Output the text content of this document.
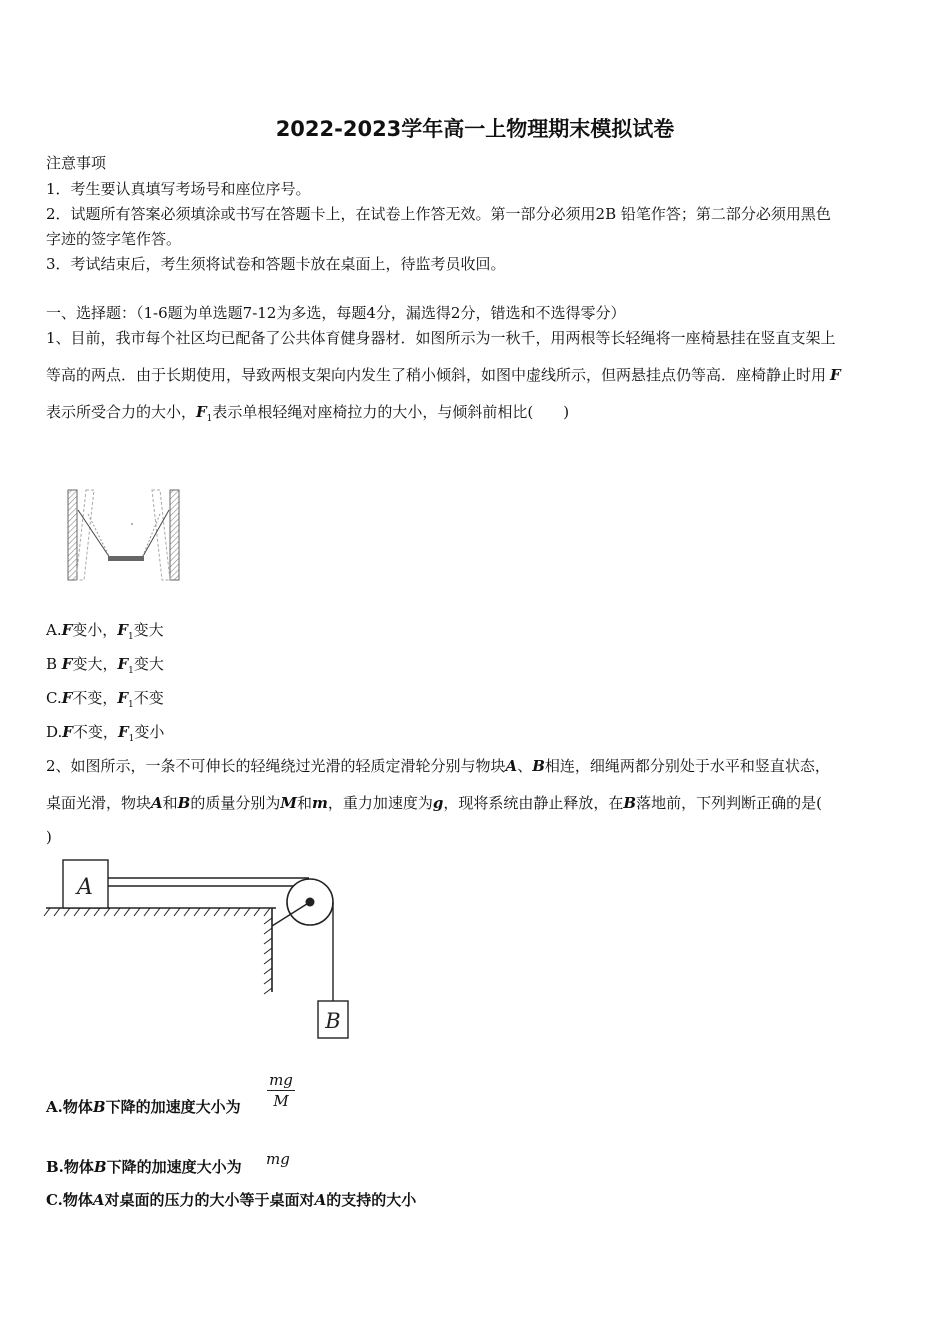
2022-2023学年高一上物理期末模拟试卷
注意事项
1．考生要认真填写考场号和座位序号。
2．试题所有答案必须填涂或书写在答题卡上，在试卷上作答无效。第一部分必须用2B 铅笔作答；第二部分必须用黑色
字迹的签字笔作答。
3．考试结束后，考生须将试卷和答题卡放在桌面上，待监考员收回。
一、选择题：（1-6题为单选题7-12为多选，每题4分，漏选得2分，错选和不选得零分）
1、目前，我市每个社区均已配备了公共体育健身器材．如图所示为一秋千，用两根等长轻绳将一座椅悬挂在竖直支架上
等高的两点．由于长期使用，导致两根支架向内发生了稍小倾斜，如图中虚线所示，但两悬挂点仍等高．座椅静止时用 F
表示所受合力的大小，$F_1$表示单根轻绳对座椅拉力的大小，与倾斜前相比(　　)
A.F变小，$F_1$变大
B F变大，$F_1$变大
C.F不变，$F_1$不变
D.F不变，$F_1$变小
2、如图所示，一条不可伸长的轻绳绕过光滑的轻质定滑轮分别与物块A、B相连，细绳两都分别处于水平和竖直状态，
桌面光滑，物块A和B的质量分别为M和m，重力加速度为g，现将系统由静止释放，在B落地前，下列判断正确的是(
)
A
B
A.物体B下降的加速度大小为
mg
M
B.物体B下降的加速度大小为 mg
C.物体A对桌面的压力的大小等于桌面对A的支持的大小
